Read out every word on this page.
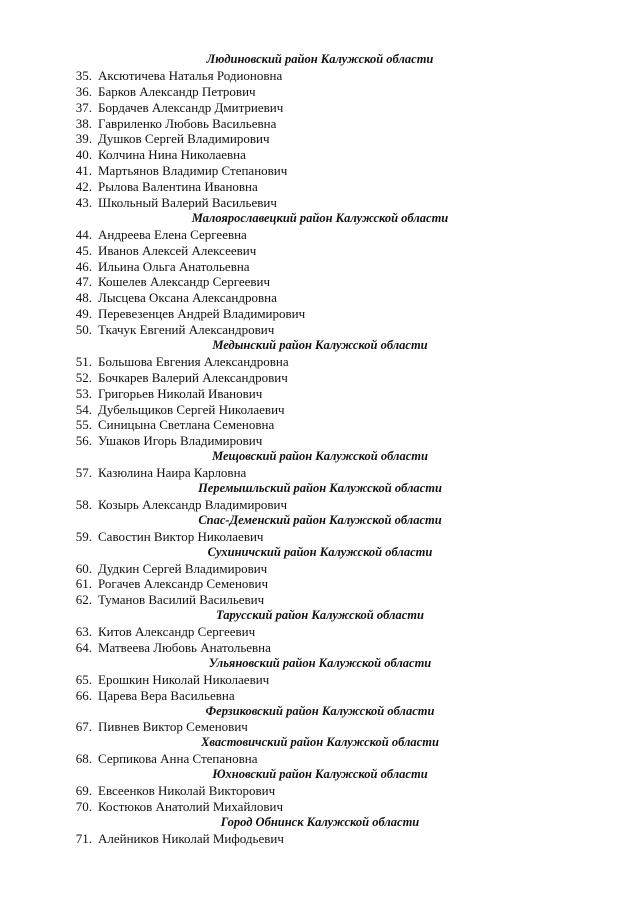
Людиновский район Калужской области
35. Аксютичева Наталья Родионовна
36. Барков Александр Петрович
37. Бордачев Александр Дмитриевич
38. Гавриленко Любовь Васильевна
39. Душков Сергей Владимирович
40. Колчина Нина Николаевна
41. Мартьянов Владимир Степанович
42. Рылова Валентина Ивановна
43. Школьный Валерий Васильевич
Малоярославецкий район Калужской области
44. Андреева Елена Сергеевна
45. Иванов Алексей Алексеевич
46. Ильина Ольга Анатольевна
47. Кошелев Александр Сергеевич
48. Лысцева Оксана Александровна
49. Перевезенцев Андрей Владимирович
50. Ткачук Евгений Александрович
Медынский район Калужской области
51. Большова Евгения Александровна
52. Бочкарев Валерий Александрович
53. Григорьев Николай Иванович
54. Дубельщиков Сергей Николаевич
55. Синицына Светлана Семеновна
56. Ушаков Игорь Владимирович
Мещовский район Калужской области
57. Казюлина Наира Карловна
Перемышльский район Калужской области
58. Козырь Александр Владимирович
Спас-Деменский район Калужской области
59. Савостин Виктор Николаевич
Сухиничский район Калужской области
60. Дудкин Сергей Владимирович
61. Рогачев Александр Семенович
62. Туманов Василий Васильевич
Тарусский район Калужской области
63. Китов Александр Сергеевич
64. Матвеева Любовь Анатольевна
Ульяновский район Калужской области
65. Ерошкин Николай Николаевич
66. Царева Вера Васильевна
Ферзиковский район Калужской области
67. Пивнев Виктор Семенович
Хвастовичский район Калужской области
68. Серпикова Анна Степановна
Юхновский район Калужской области
69. Евсеенков Николай Викторович
70. Костюков Анатолий Михайлович
Город Обнинск Калужской области
71. Алейников Николай Мифодьевич
